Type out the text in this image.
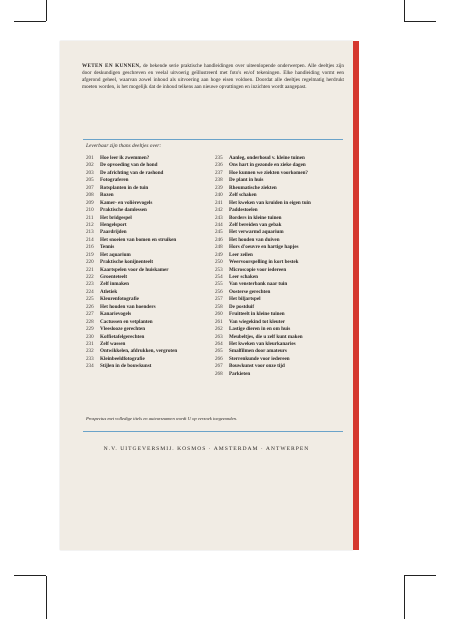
WETEN EN KUNNEN, de bekende serie praktische handleidingen over uiteenlopende onderwerpen. Alle deeltjes zijn door deskundigen geschreven en veelal uitvoerig geïllustreerd met foto's en/of tekeningen. Elke handleiding vormt een afgerond geheel, waarvan zowel inhoud als uitvoering aan hoge eisen voldoen. Doordat alle deeltjes regelmatig herdrukt moeten worden, is het mogelijk dat de inhoud telkens aan nieuwe opvattingen en inzichten wordt aangepast.
Leverbaar zijn thans deeltjes over:
201 Hoe leer ik zwemmen?
202 De opvoeding van de hond
203 De africhting van de rashond
205 Fotograferen
207 Rotsplanten in de tuin
208 Rozen
209 Kamer- en volièrevogels
210 Praktische damlessen
211 Het bridgespel
212 Hengelsport
213 Paardrijden
214 Het snoeien van bomen en struiken
216 Tennis
219 Het aquarium
220 Praktische konijnenteelt
221 Kaartspelen voor de huiskamer
222 Groenteteelt
223 Zelf inmaken
224 Atletiek
225 Kleurenfotografie
226 Het houden van hoenders
227 Kanarievogels
228 Cactussen en vetplanten
229 Vleeslooze gerechten
230 Koffietafelgerechten
231 Zelf wassen
232 Ontwikkelen, afdrukken, vergroten
233 Kleinbeeldfotografie
234 Stijlen in de bouwkunst
235 Aanleg, onderhoud v. kleine tuinen
236 Ons hart in gezonde en zieke dagen
237 Hoe kunnen we ziekten voorkomen?
238 De plant in huis
239 Rheumatische ziekten
240 Zelf schaken
241 Het kweken van kruiden in eigen tuin
242 Paddestoelen
243 Borders in kleine tuinen
244 Zelf bereiden van gebak
245 Het verwarmd aquarium
246 Het houden van duiven
248 Hors d'oeuvre en hartige hapjes
249 Leer zeilen
250 Weervoorspelling in kort bestek
253 Microscopie voor iedereen
254 Leer schaken
255 Van vensterbank naar tuin
256 Oosterse gerechten
257 Het biljartspel
258 De postduif
260 Fruitteelt in kleine tuinen
261 Van wiegekind tot kleuter
262 Lastige dieren in en om huis
263 Meubeltjes, die u zelf kunt maken
264 Het kweken van kleurkanaries
265 Smalfilmen door amateurs
266 Sterrenkunde voor iedereen
267 Bouwkunst voor onze tijd
268 Parkieten
Prospectus met volledige titels en auteursnamen wordt U op verzoek toegezonden.
N.V. UITGEVERSMIJ. KOSMOS · AMSTERDAM · ANTWERPEN
